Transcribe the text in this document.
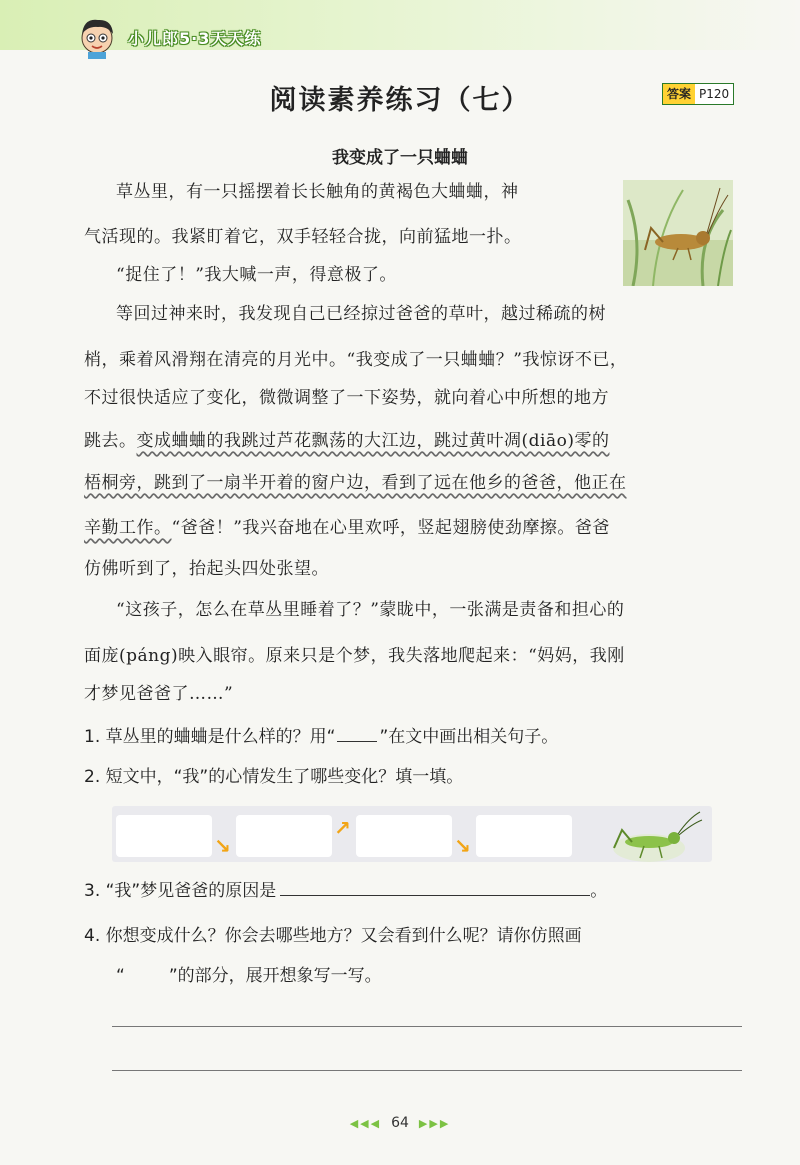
小儿郎5·3天天练
阅读素养练习（七）	答案 P120
我变成了一只蛐蛐
草丛里，有一只摇摆着长长触角的黄褐色大蛐蛐，神
气活现的。我紧盯着它，双手轻轻合拢，向前猛地一扑。
“捉住了！”我大喊一声，得意极了。
等回过神来时，我发现自己已经掠过爸爸的草叶，越过稀疏的树
梢，乘着风滑翔在清亮的月光中。“我变成了一只蛐蛐？”我惊讶不已，
不过很快适应了变化，微微调整了一下姿势，就向着心中所想的地方
跳去。变成蛐蛐的我跳过芦花飘荡的大江边，跳过黄叶凋(diāo)零的
梧桐旁，跳到了一扇半开着的窗户边，看到了远在他乡的爸爸，他正在
辛勤工作。“爸爸！”我兴奋地在心里欢呼，竖起翅膀使劲摩擦。爸爸
仿佛听到了，抬起头四处张望。
“这孩子，怎么在草丛里睡着了？”蒙眬中，一张满是责备和担心的
面庞(páng)映入眼帘。原来只是个梦，我失落地爬起来：“妈妈，我刚
才梦见爸爸了……”
1. 草丛里的蛐蛐是什么样的？用“	”在文中画出相关句子。
2. 短文中，“我”的心情发生了哪些变化？填一填。
↘
↗
↘
3. “我”梦见爸爸的原因是	。
4. 你想变成什么？你会去哪些地方？又会看到什么呢？请你仿照画
“	”的部分，展开想象写一写。
◀◀◀ 64 ▶▶▶
